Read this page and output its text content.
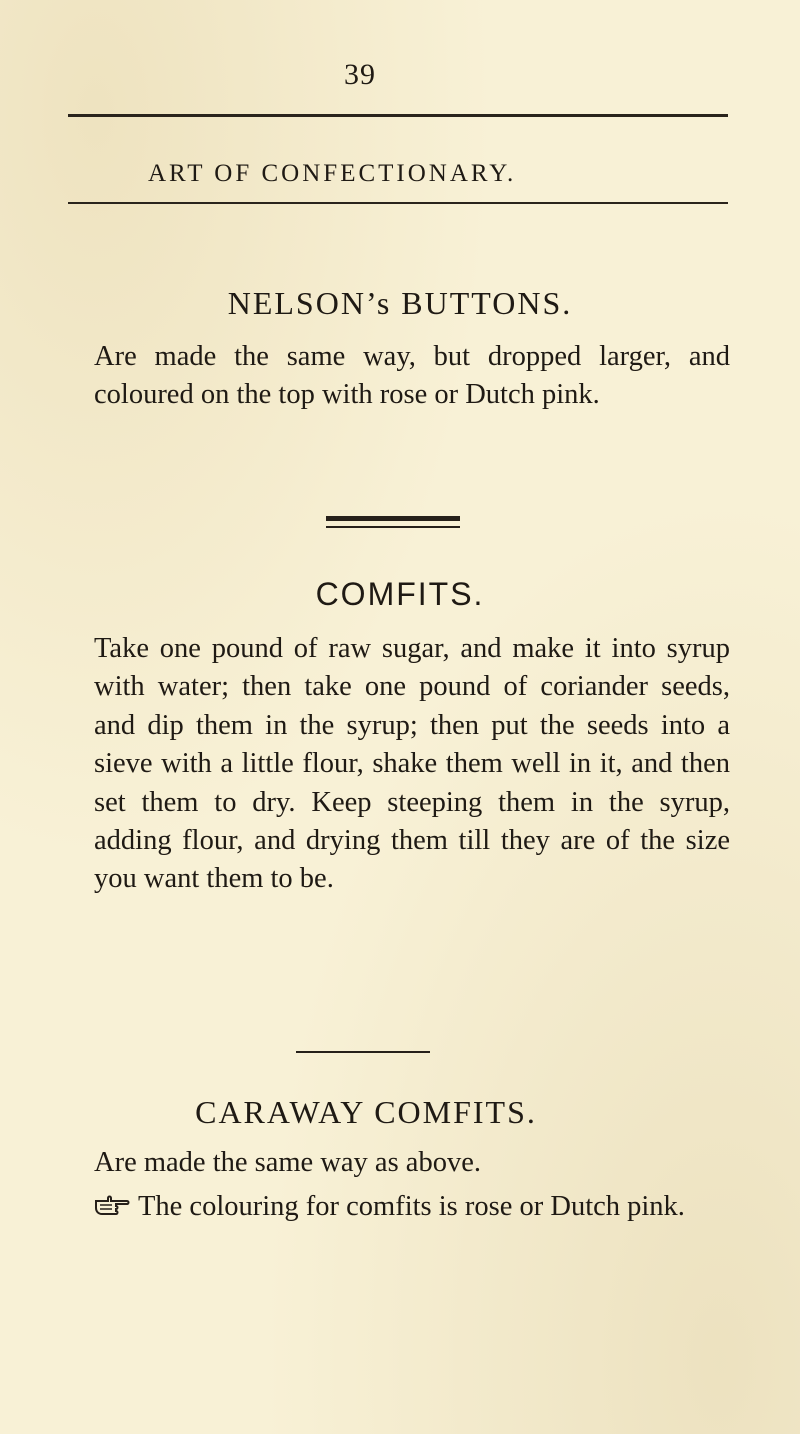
39
ART OF CONFECTIONARY.
NELSON’s BUTTONS.
Are made the same way, but dropped larger, and coloured on the top with rose or Dutch pink.
COMFITS.
Take one pound of raw sugar, and make it into syrup with water; then take one pound of coriander seeds, and dip them in the syrup; then put the seeds into a sieve with a little flour, shake them well in it, and then set them to dry. Keep steeping them in the syrup, adding flour, and drying them till they are of the size you want them to be.
CARAWAY COMFITS.
Are made the same way as above.
The colouring for comfits is rose or Dutch pink.
